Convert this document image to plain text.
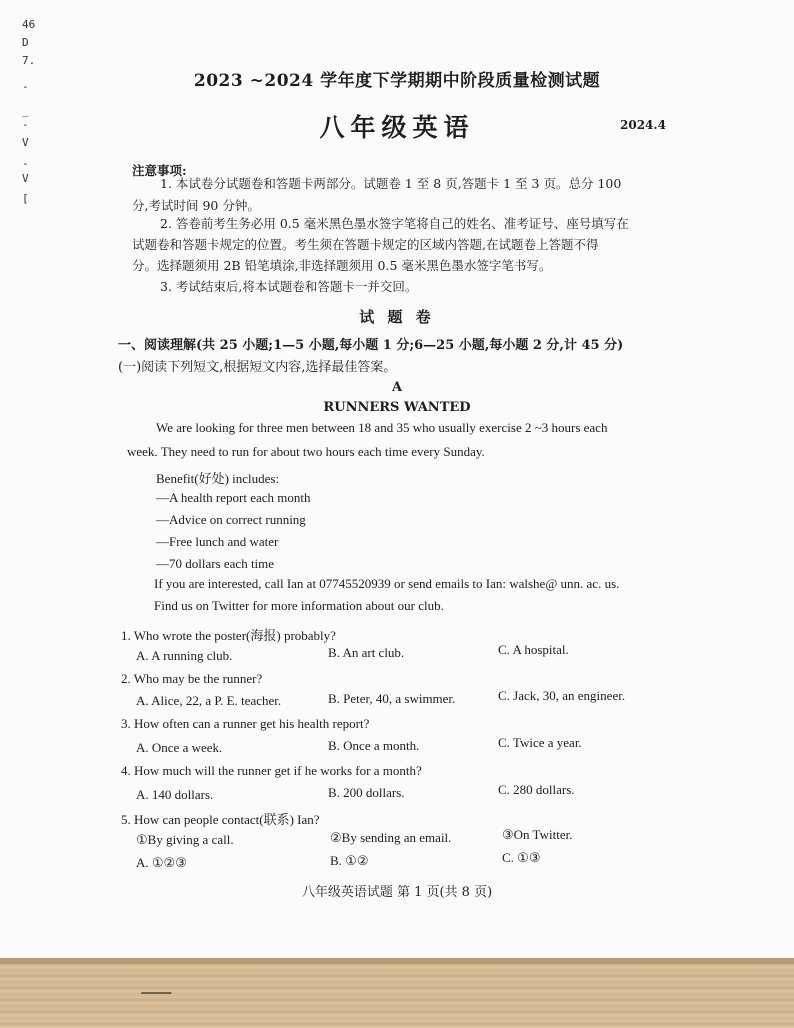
46
D
7.
-
_
-
V
-
V
[
2023 ~2024 学年度下学期期中阶段质量检测试题
八年级英语	2024.4
注意事项:
1. 本试卷分试题卷和答题卡两部分。试题卷 1 至 8 页,答题卡 1 至 3 页。总分 100
分,考试时间 90 分钟。
2. 答卷前考生务必用 0.5 毫米黑色墨水签字笔将自己的姓名、准考证号、座号填写在
试题卷和答题卡规定的位置。考生须在答题卡规定的区域内答题,在试题卷上答题不得
分。选择题须用 2B 铅笔填涂,非选择题须用 0.5 毫米黑色墨水签字笔书写。
3. 考试结束后,将本试题卷和答题卡一并交回。
试 题 卷
一、阅读理解(共 25 小题;1—5 小题,每小题 1 分;6—25 小题,每小题 2 分,计 45 分)
(一)阅读下列短文,根据短文内容,选择最佳答案。
A
RUNNERS WANTED
We are looking for three men between 18 and 35 who usually exercise 2 ~3 hours each
week. They need to run for about two hours each time every Sunday.
Benefit(好处) includes:
—A health report each month
—Advice on correct running
—Free lunch and water
—70 dollars each time
If you are interested, call Ian at 07745520939 or send emails to Ian: walshe@ unn. ac. us.
Find us on Twitter for more information about our club.
1. Who wrote the poster(海报) probably?
A. A running club.	B. An art club.	C. A hospital.
2. Who may be the runner?
A. Alice, 22, a P. E. teacher.	B. Peter, 40, a swimmer.	C. Jack, 30, an engineer.
3. How often can a runner get his health report?
A. Once a week.	B. Once a month.	C. Twice a year.
4. How much will the runner get if he works for a month?
A. 140 dollars.	B. 200 dollars.	C. 280 dollars.
5. How can people contact(联系) Ian?
①By giving a call.	②By sending an email.	③On Twitter.
A. ①②③	B. ①②	C. ①③
八年级英语试题 第 1 页(共 8 页)
